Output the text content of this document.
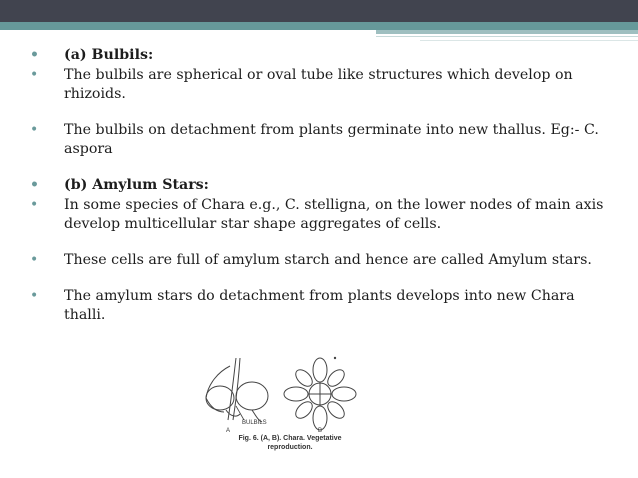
• (a) Bulbils:
• The bulbils are spherical or oval tube like structures which develop on rhizoids.
• The bulbils on detachment from plants germinate into new thallus. Eg:- C. aspora
• (b) Amylum Stars:
• In some species of Chara e.g., C. stelligna, on the lower nodes of main axis develop multicellular star shape aggregates of cells.
• These cells are full of amylum starch and hence are called Amylum stars.
• The amylum stars do detachment from plants develops into new Chara thalli.
BULBILS
A	B
Fig. 6. (A, B). Chara. Vegetative
reproduction.
